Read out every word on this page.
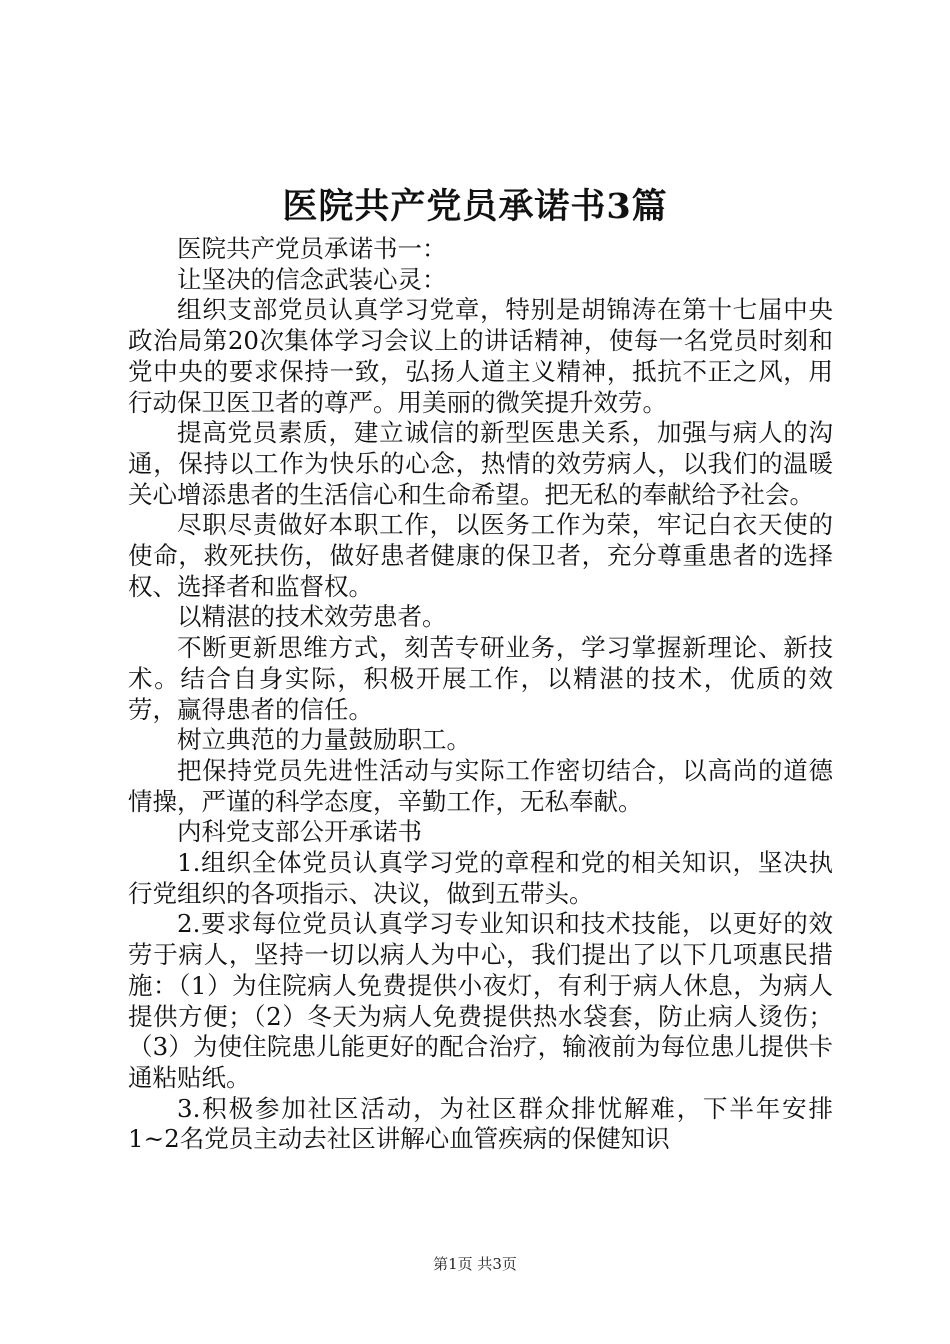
医院共产党员承诺书3篇

医院共产党员承诺书一：

让坚决的信念武装心灵：

组织支部党员认真学习党章，特别是胡锦涛在第十七届中央政治局第20次集体学习会议上的讲话精神，使每一名党员时刻和党中央的要求保持一致，弘扬人道主义精神，抵抗不正之风，用行动保卫医卫者的尊严。用美丽的微笑提升效劳。

提高党员素质，建立诚信的新型医患关系，加强与病人的沟通，保持以工作为快乐的心念，热情的效劳病人，以我们的温暖关心增添患者的生活信心和生命希望。把无私的奉献给予社会。

尽职尽责做好本职工作，以医务工作为荣，牢记白衣天使的使命，救死扶伤，做好患者健康的保卫者，充分尊重患者的选择权、选择者和监督权。

以精湛的技术效劳患者。

不断更新思维方式，刻苦专研业务，学习掌握新理论、新技术。结合自身实际，积极开展工作，以精湛的技术，优质的效劳，赢得患者的信任。

树立典范的力量鼓励职工。

把保持党员先进性活动与实际工作密切结合，以高尚的道德情操，严谨的科学态度，辛勤工作，无私奉献。

内科党支部公开承诺书

1.组织全体党员认真学习党的章程和党的相关知识，坚决执行党组织的各项指示、决议，做到五带头。

2.要求每位党员认真学习专业知识和技术技能，以更好的效劳于病人，坚持一切以病人为中心，我们提出了以下几项惠民措施：（1）为住院病人免费提供小夜灯，有利于病人休息，为病人提供方便；（2）冬天为病人免费提供热水袋套，防止病人烫伤；（3）为使住院患儿能更好的配合治疗，输液前为每位患儿提供卡通粘贴纸。

3.积极参加社区活动，为社区群众排忧解难，下半年安排1~2名党员主动去社区讲解心血管疾病的保健知识

第1页 共3页
